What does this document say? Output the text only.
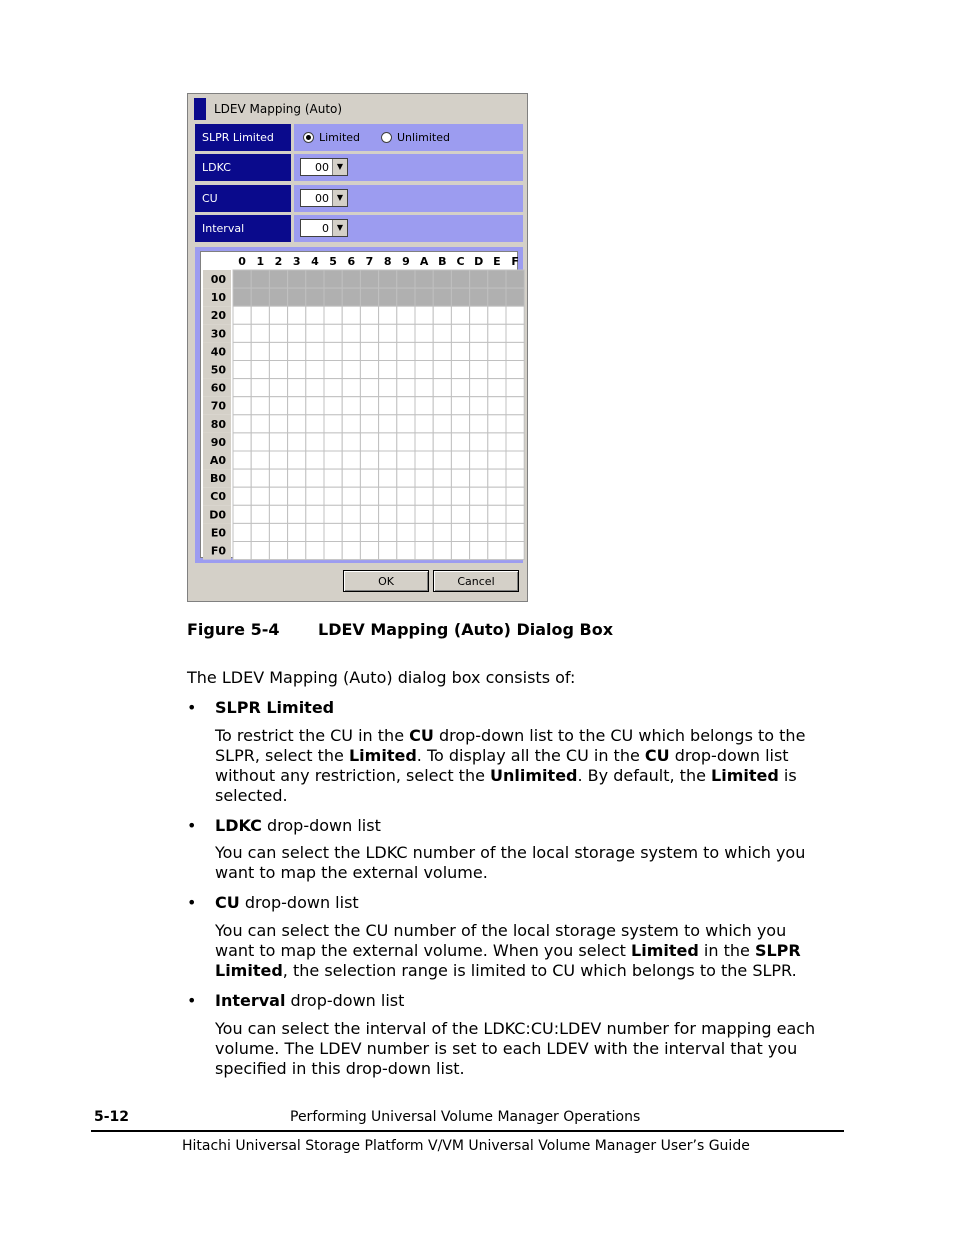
LDEV Mapping (Auto)
SLPR Limited	Limited	Unlimited
LDKC	00 ▼
CU	00 ▼
Interval	0 ▼
0 1 2 3 4 5 6 7 8 9 A B C D E F
00
10
20
30
40
50
60
70
80
90
A0
B0
C0
D0
E0
F0
OK	Cancel
Figure 5-4 LDEV Mapping (Auto) Dialog Box

The LDEV Mapping (Auto) dialog box consists of:

• SLPR Limited

To restrict the CU in the CU drop-down list to the CU which belongs to the
SLPR, select the Limited. To display all the CU in the CU drop-down list
without any restriction, select the Unlimited. By default, the Limited is
selected.

• LDKC drop-down list

You can select the LDKC number of the local storage system to which you
want to map the external volume.

• CU drop-down list

You can select the CU number of the local storage system to which you
want to map the external volume. When you select Limited in the SLPR
Limited, the selection range is limited to CU which belongs to the SLPR.

• Interval drop-down list

You can select the interval of the LDKC:CU:LDEV number for mapping each
volume. The LDEV number is set to each LDEV with the interval that you
specified in this drop-down list.

5-12	Performing Universal Volume Manager Operations
Hitachi Universal Storage Platform V/VM Universal Volume Manager User’s Guide
